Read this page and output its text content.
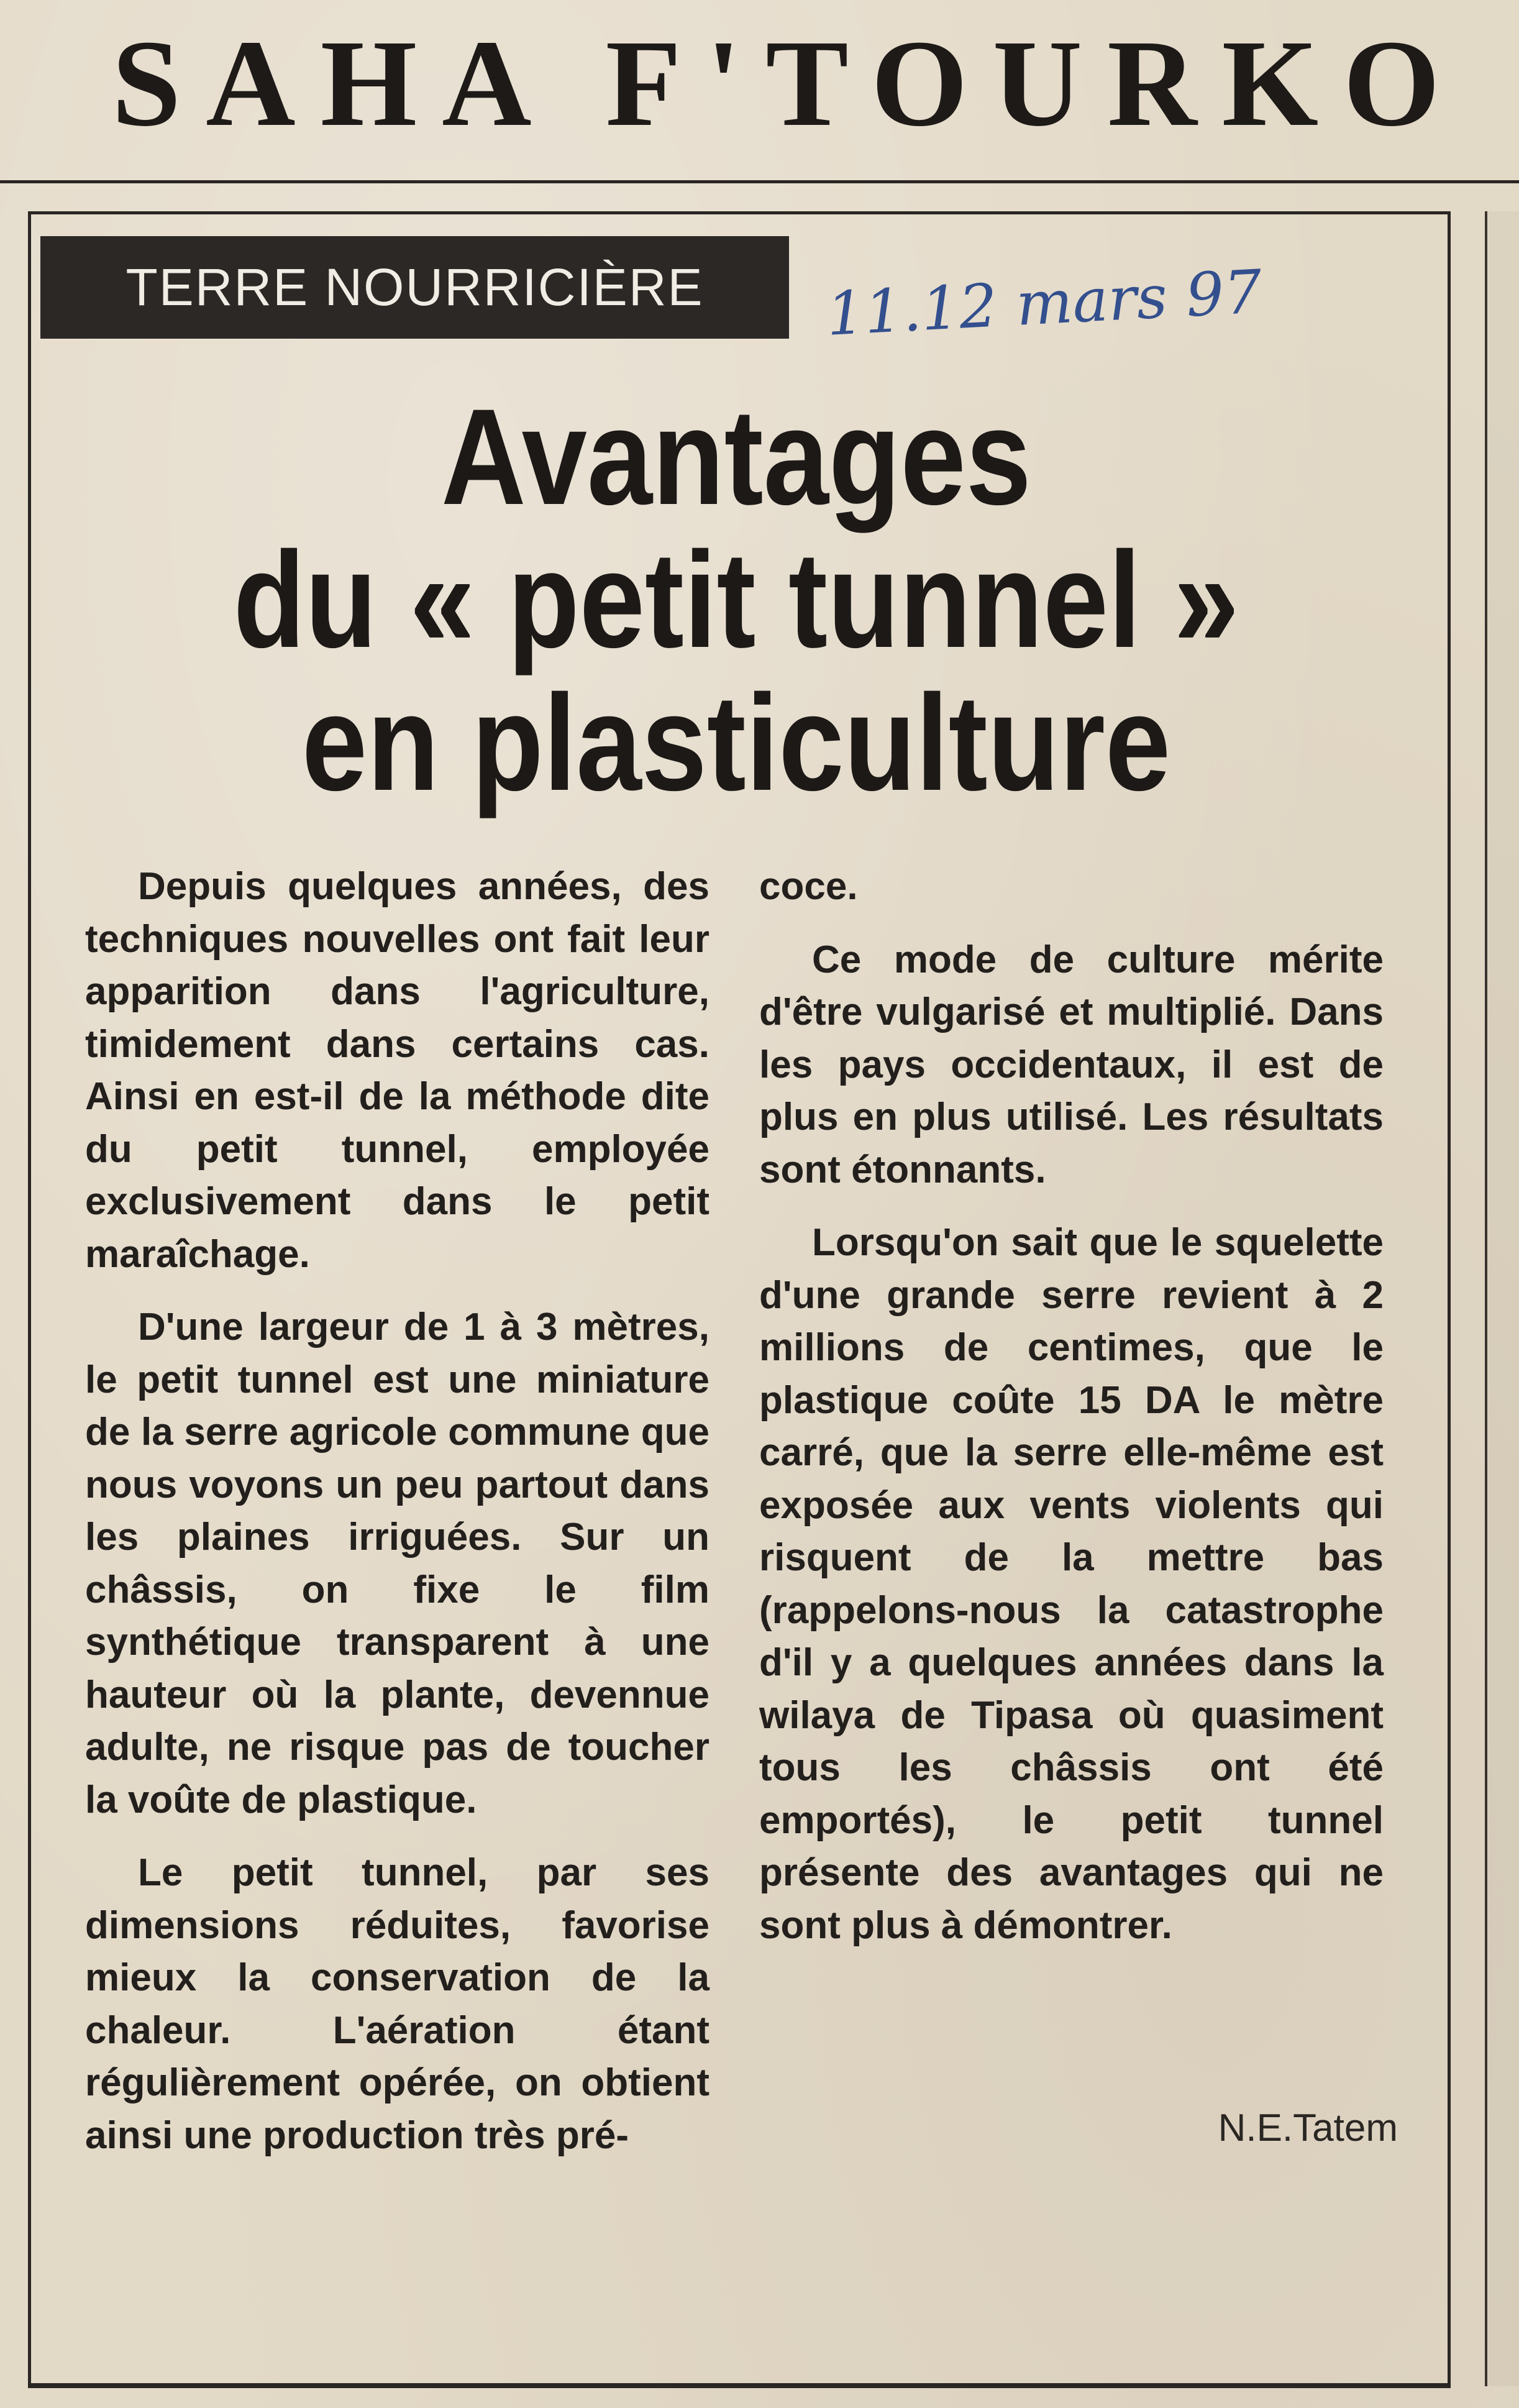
SAHA F'TOURKO
TERRE NOURRICIÈRE	11.12 mars 97
Avantages
du « petit tunnel »
en plasticulture

Depuis quelques années, des techniques nouvelles ont fait leur apparition dans l'agriculture, timidement dans certains cas. Ainsi en est-il de la méthode dite du petit tunnel, employée exclusivement dans le petit maraîchage.

D'une largeur de 1 à 3 mètres, le petit tunnel est une miniature de la serre agricole commune que nous voyons un peu partout dans les plaines irriguées. Sur un châssis, on fixe le film synthétique transparent à une hauteur où la plante, devennue adulte, ne risque pas de toucher la voûte de plastique.

Le petit tunnel, par ses dimensions réduites, favorise mieux la conservation de la chaleur. L'aération étant régulièrement opérée, on obtient ainsi une production très pré-

coce.

Ce mode de culture mérite d'être vulgarisé et multiplié. Dans les pays occidentaux, il est de plus en plus utilisé. Les résultats sont étonnants.

Lorsqu'on sait que le squelette d'une grande serre revient à 2 millions de centimes, que le plastique coûte 15 DA le mètre carré, que la serre elle-même est exposée aux vents violents qui risquent de la mettre bas (rappelons-nous la catastrophe d'il y a quelques années dans la wilaya de Tipasa où quasiment tous les châssis ont été emportés), le petit tunnel présente des avantages qui ne sont plus à démontrer.

N.E.Tatem
